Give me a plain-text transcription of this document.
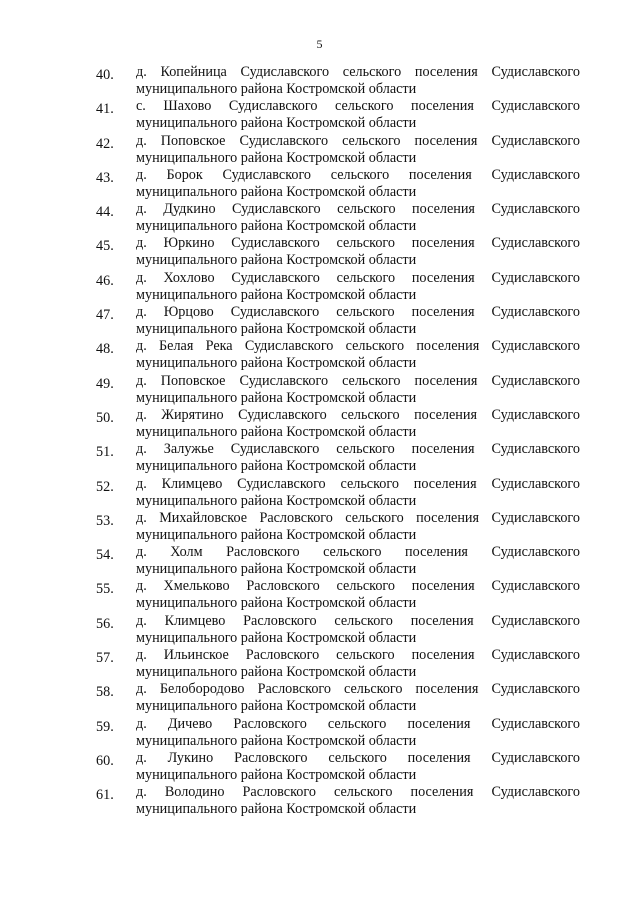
5
40.	д. Копейница Судиславского сельского поселения Судиславского
муниципального района Костромской области
41.	с. Шахово Судиславского сельского поселения Судиславского
муниципального района Костромской области
42.	д. Поповское Судиславского сельского поселения Судиславского
муниципального района Костромской области
43.	д. Борок Судиславского сельского поселения Судиславского
муниципального района Костромской области
44.	д. Дудкино Судиславского сельского поселения Судиславского
муниципального района Костромской области
45.	д. Юркино Судиславского сельского поселения Судиславского
муниципального района Костромской области
46.	д. Хохлово Судиславского сельского поселения Судиславского
муниципального района Костромской области
47.	д. Юрцово Судиславского сельского поселения Судиславского
муниципального района Костромской области
48.	д. Белая Река Судиславского сельского поселения Судиславского
муниципального района Костромской области
49.	д. Поповское Судиславского сельского поселения Судиславского
муниципального района Костромской области
50.	д. Жирятино Судиславского сельского поселения Судиславского
муниципального района Костромской области
51.	д. Залужье Судиславского сельского поселения Судиславского
муниципального района Костромской области
52.	д. Климцево Судиславского сельского поселения Судиславского
муниципального района Костромской области
53.	д. Михайловское Расловского сельского поселения Судиславского
муниципального района Костромской области
54.	д. Холм Расловского сельского поселения Судиславского
муниципального района Костромской области
55.	д. Хмельково Расловского сельского поселения Судиславского
муниципального района Костромской области
56.	д. Климцево Расловского сельского поселения Судиславского
муниципального района Костромской области
57.	д. Ильинское Расловского сельского поселения Судиславского
муниципального района Костромской области
58.	д. Белобородово Расловского сельского поселения Судиславского
муниципального района Костромской области
59.	д. Дичево Расловского сельского поселения Судиславского
муниципального района Костромской области
60.	д. Лукино Расловского сельского поселения Судиславского
муниципального района Костромской области
61.	д. Володино Расловского сельского поселения Судиславского
муниципального района Костромской области
